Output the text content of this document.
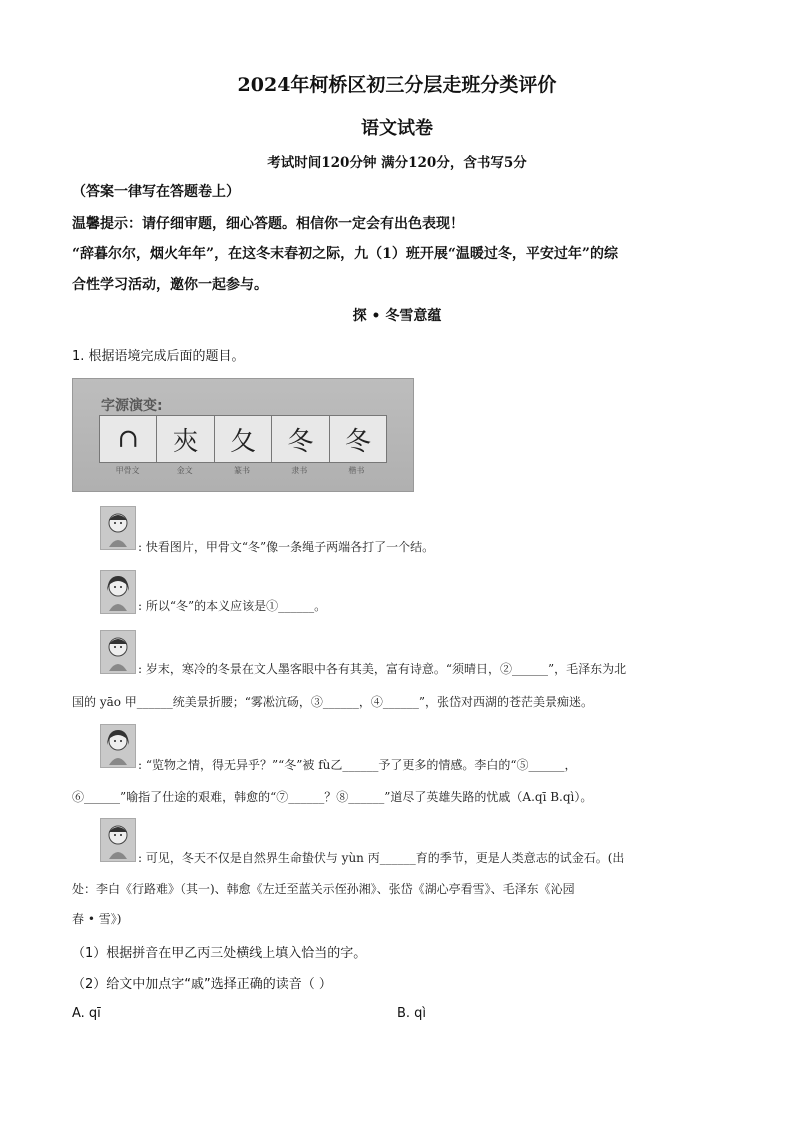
2024年柯桥区初三分层走班分类评价
语文试卷
考试时间120分钟 满分120分，含书写5分
（答案一律写在答题卷上）
温馨提示：请仔细审题，细心答题。相信你一定会有出色表现！
“辞暮尔尔，烟火年年”，在这冬末春初之际，九（1）班开展“温暖过冬，平安过年”的综
合性学习活动，邀你一起参与。
探 • 冬雪意蕴
1. 根据语境完成后面的题目。
字源演变:
∩	㚒	夂	冬	冬
甲骨文	金文	篆书	隶书	楷书
: 快看图片，甲骨文“冬”像一条绳子两端各打了一个结。
: 所以“冬”的本义应该是①______。
: 岁末，寒冷的冬景在文人墨客眼中各有其美，富有诗意。“须晴日，②______”，毛泽东为北
国的 yāo 甲______统美景折腰；“雾凇沆砀，③______，④______”，张岱对西湖的苍茫美景痴迷。
: “览物之情，得无异乎？”“冬”被 fù乙______予了更多的情感。李白的“⑤______，
⑥______”喻指了仕途的艰难，韩愈的“⑦______？⑧______”道尽了英雄失路的忧戚（A.qī B.qì）。
: 可见，冬天不仅是自然界生命蛰伏与 yùn 丙______育的季节，更是人类意志的试金石。(出
处：李白《行路难》（其一)、韩愈《左迁至蓝关示侄孙湘》、张岱《湖心亭看雪》、毛泽东《沁园
春 • 雪》)
（1）根据拼音在甲乙丙三处横线上填入恰当的字。
（2）给文中加点字“戚”选择正确的读音（ ）
A. qī	B. qì
